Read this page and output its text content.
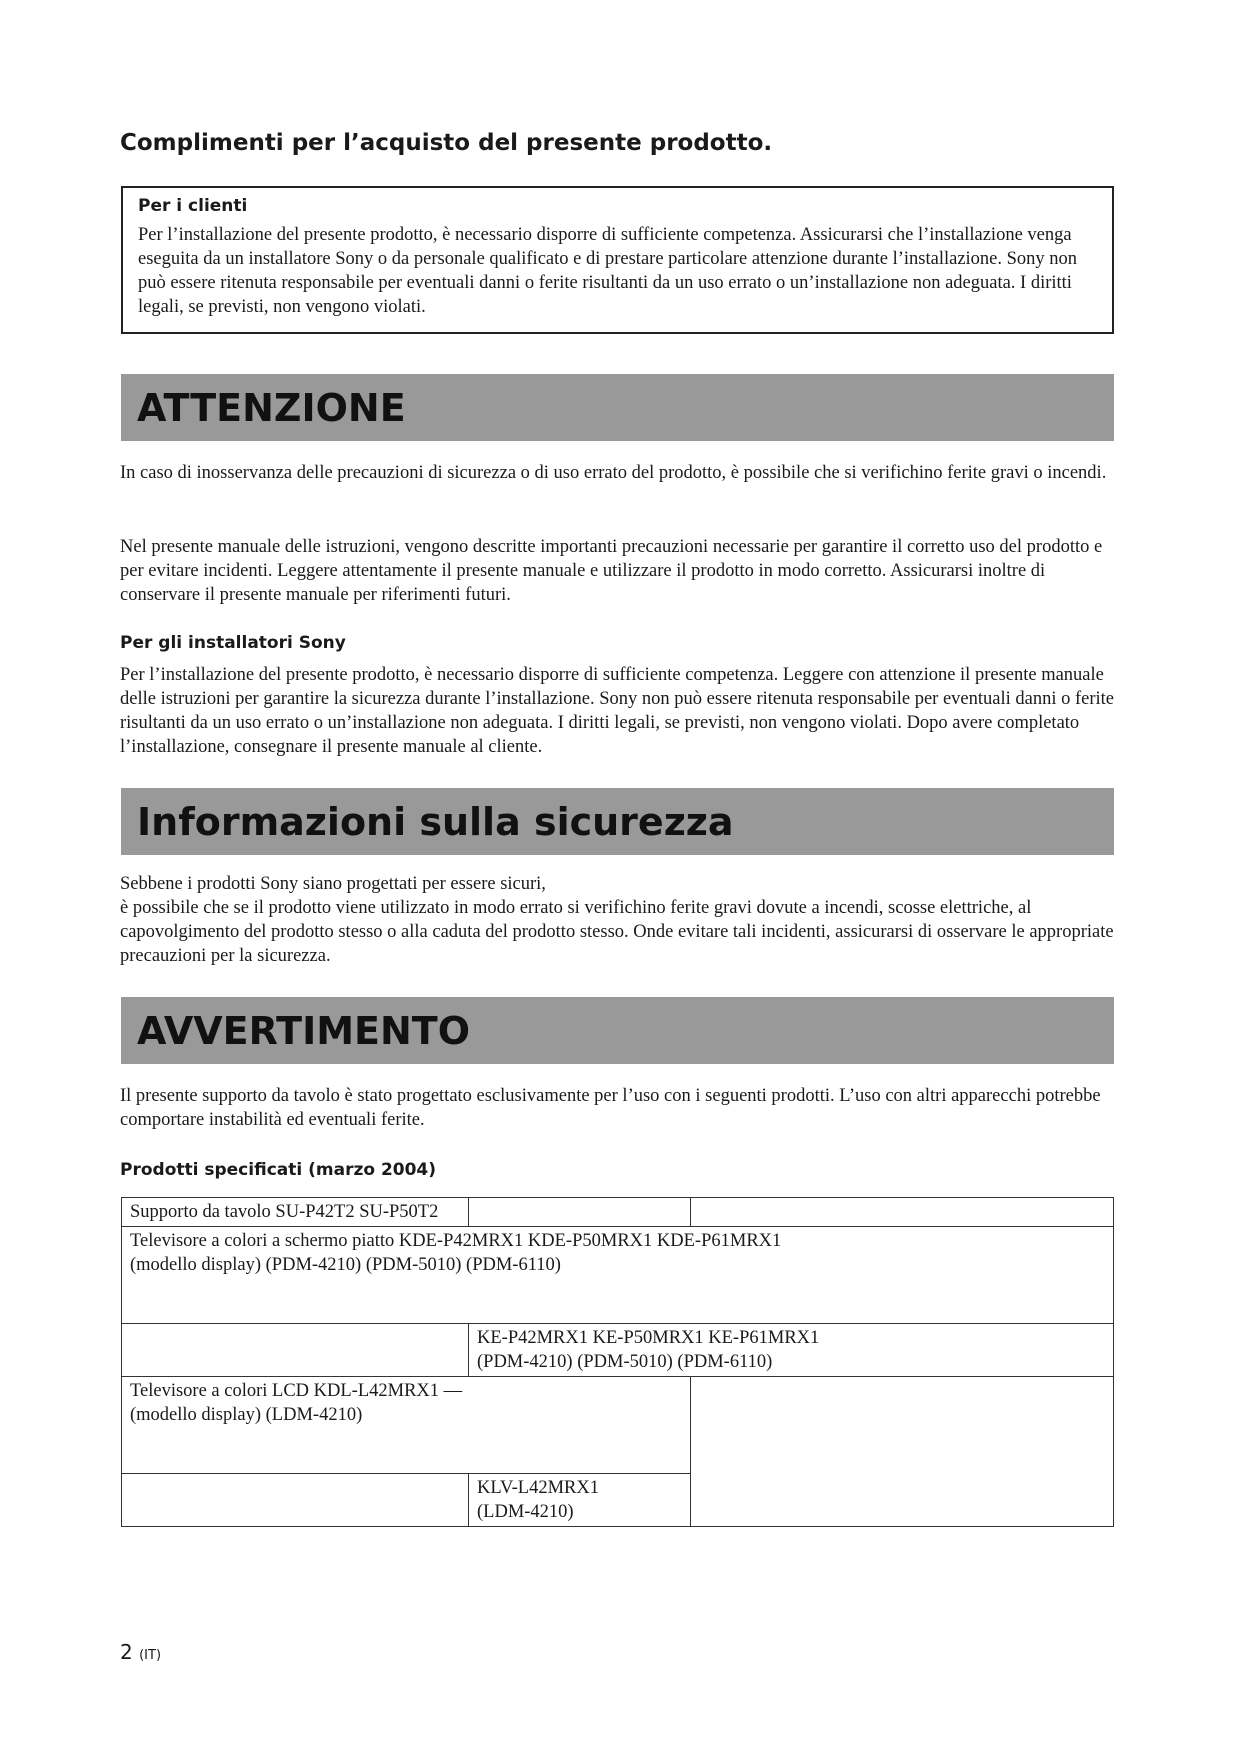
Complimenti per l’acquisto del presente prodotto.

Per i clienti

Per l’installazione del presente prodotto, è necessario disporre di sufficiente competenza. Assicurarsi che l’installazione venga eseguita da un installatore Sony o da personale qualificato e di prestare particolare attenzione durante l’installazione. Sony non può essere ritenuta responsabile per eventuali danni o ferite risultanti da un uso errato o un’installazione non adeguata. I diritti legali, se previsti, non vengono violati.

ATTENZIONE

In caso di inosservanza delle precauzioni di sicurezza o di uso errato del prodotto, è possibile che si verifichino ferite gravi o incendi.

Nel presente manuale delle istruzioni, vengono descritte importanti precauzioni necessarie per garantire il corretto uso del prodotto e per evitare incidenti. Leggere attentamente il presente manuale e utilizzare il prodotto in modo corretto. Assicurarsi inoltre di conservare il presente manuale per riferimenti futuri.

Per gli installatori Sony

Per l’installazione del presente prodotto, è necessario disporre di sufficiente competenza. Leggere con attenzione il presente manuale delle istruzioni per garantire la sicurezza durante l’installazione. Sony non può essere ritenuta responsabile per eventuali danni o ferite risultanti da un uso errato o un’installazione non adeguata. I diritti legali, se previsti, non vengono violati. Dopo avere completato l’installazione, consegnare il presente manuale al cliente.

Informazioni sulla sicurezza

Sebbene i prodotti Sony siano progettati per essere sicuri,

è possibile che se il prodotto viene utilizzato in modo errato si verifichino ferite gravi dovute a incendi, scosse elettriche, al capovolgimento del prodotto stesso o alla caduta del prodotto stesso. Onde evitare tali incidenti, assicurarsi di osservare le appropriate precauzioni per la sicurezza.

AVVERTIMENTO

Il presente supporto da tavolo è stato progettato esclusivamente per l’uso con i seguenti prodotti. L’uso con altri apparecchi potrebbe comportare instabilità ed eventuali ferite.

Prodotti specificati (marzo 2004)

Supporto da tavolo SU-P42T2 SU-P50T2		

Televisore a colori a schermo piatto KDE-P42MRX1 KDE-P50MRX1 KDE-P61MRX1
(modello display) (PDM-4210) (PDM-5010) (PDM-6110)		

	KE-P42MRX1 KE-P50MRX1 KE-P61MRX1
(PDM-4210) (PDM-5010) (PDM-6110)	

Televisore a colori LCD KDL-L42MRX1 —
(modello display) (LDM-4210)		

	KLV-L42MRX1
(LDM-4210)	
2 (IT)
